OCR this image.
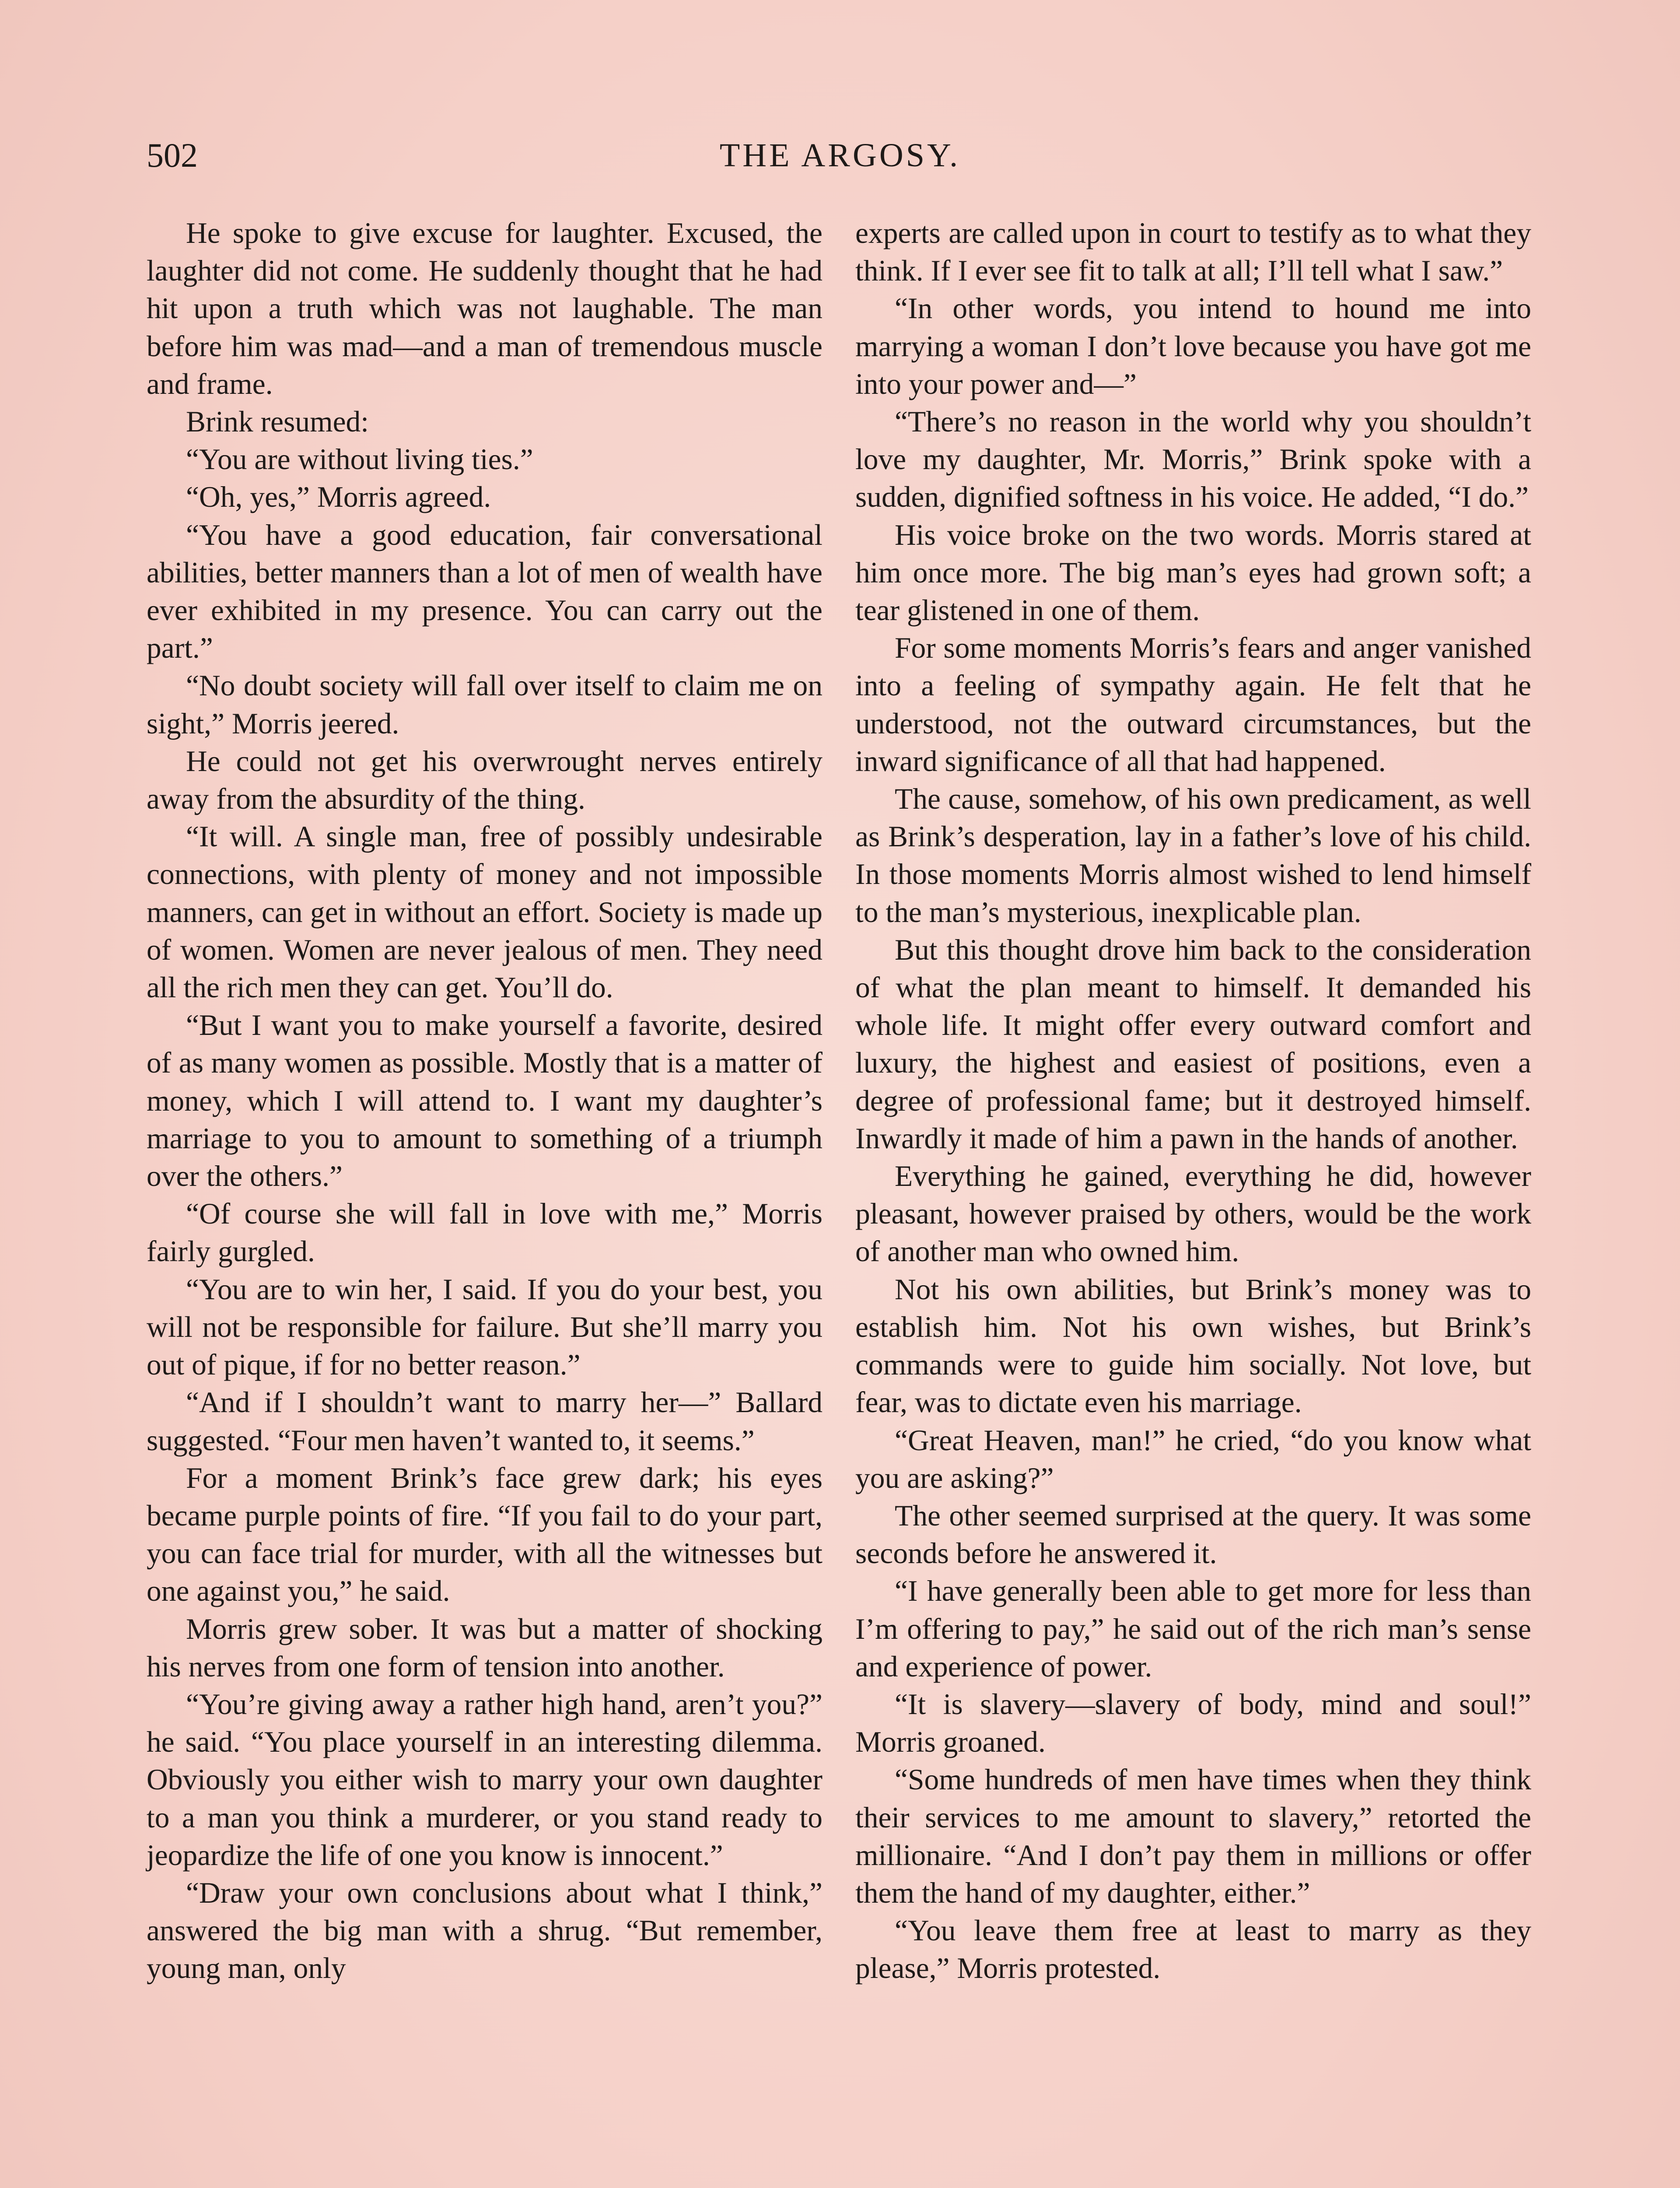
502	THE ARGOSY.

He spoke to give excuse for laughter. Excused, the laughter did not come. He suddenly thought that he had hit upon a truth which was not laughable. The man before him was mad—and a man of tremendous muscle and frame.

Brink resumed:

“You are without living ties.”

“Oh, yes,” Morris agreed.

“You have a good education, fair conversational abilities, better manners than a lot of men of wealth have ever exhibited in my presence. You can carry out the part.”

“No doubt society will fall over itself to claim me on sight,” Morris jeered.

He could not get his overwrought nerves entirely away from the absurdity of the thing.

“It will. A single man, free of possibly undesirable connections, with plenty of money and not impossible manners, can get in without an effort. Society is made up of women. Women are never jealous of men. They need all the rich men they can get. You’ll do.

“But I want you to make yourself a favorite, desired of as many women as possible. Mostly that is a matter of money, which I will attend to. I want my daughter’s marriage to you to amount to something of a triumph over the others.”

“Of course she will fall in love with me,” Morris fairly gurgled.

“You are to win her, I said. If you do your best, you will not be responsible for failure. But she’ll marry you out of pique, if for no better reason.”

“And if I shouldn’t want to marry her—” Ballard suggested. “Four men haven’t wanted to, it seems.”

For a moment Brink’s face grew dark; his eyes became purple points of fire. “If you fail to do your part, you can face trial for murder, with all the witnesses but one against you,” he said.

Morris grew sober. It was but a matter of shocking his nerves from one form of tension into another.

“You’re giving away a rather high hand, aren’t you?” he said. “You place yourself in an interesting dilemma. Obviously you either wish to marry your own daughter to a man you think a murderer, or you stand ready to jeopardize the life of one you know is innocent.”

“Draw your own conclusions about what I think,” answered the big man with a shrug. “But remember, young man, only

experts are called upon in court to testify as to what they think. If I ever see fit to talk at all; I’ll tell what I saw.”

“In other words, you intend to hound me into marrying a woman I don’t love because you have got me into your power and—”

“There’s no reason in the world why you shouldn’t love my daughter, Mr. Morris,” Brink spoke with a sudden, dignified softness in his voice. He added, “I do.”

His voice broke on the two words. Morris stared at him once more. The big man’s eyes had grown soft; a tear glistened in one of them.

For some moments Morris’s fears and anger vanished into a feeling of sympathy again. He felt that he understood, not the outward circumstances, but the inward significance of all that had happened.

The cause, somehow, of his own predicament, as well as Brink’s desperation, lay in a father’s love of his child. In those moments Morris almost wished to lend himself to the man’s mysterious, inexplicable plan.

But this thought drove him back to the consideration of what the plan meant to himself. It demanded his whole life. It might offer every outward comfort and luxury, the highest and easiest of positions, even a degree of professional fame; but it destroyed himself. Inwardly it made of him a pawn in the hands of another.

Everything he gained, everything he did, however pleasant, however praised by others, would be the work of another man who owned him.

Not his own abilities, but Brink’s money was to establish him. Not his own wishes, but Brink’s commands were to guide him socially. Not love, but fear, was to dictate even his marriage.

“Great Heaven, man!” he cried, “do you know what you are asking?”

The other seemed surprised at the query. It was some seconds before he answered it.

“I have generally been able to get more for less than I’m offering to pay,” he said out of the rich man’s sense and experience of power.

“It is slavery—slavery of body, mind and soul!” Morris groaned.

“Some hundreds of men have times when they think their services to me amount to slavery,” retorted the millionaire. “And I don’t pay them in millions or offer them the hand of my daughter, either.”

“You leave them free at least to marry as they please,” Morris protested.
